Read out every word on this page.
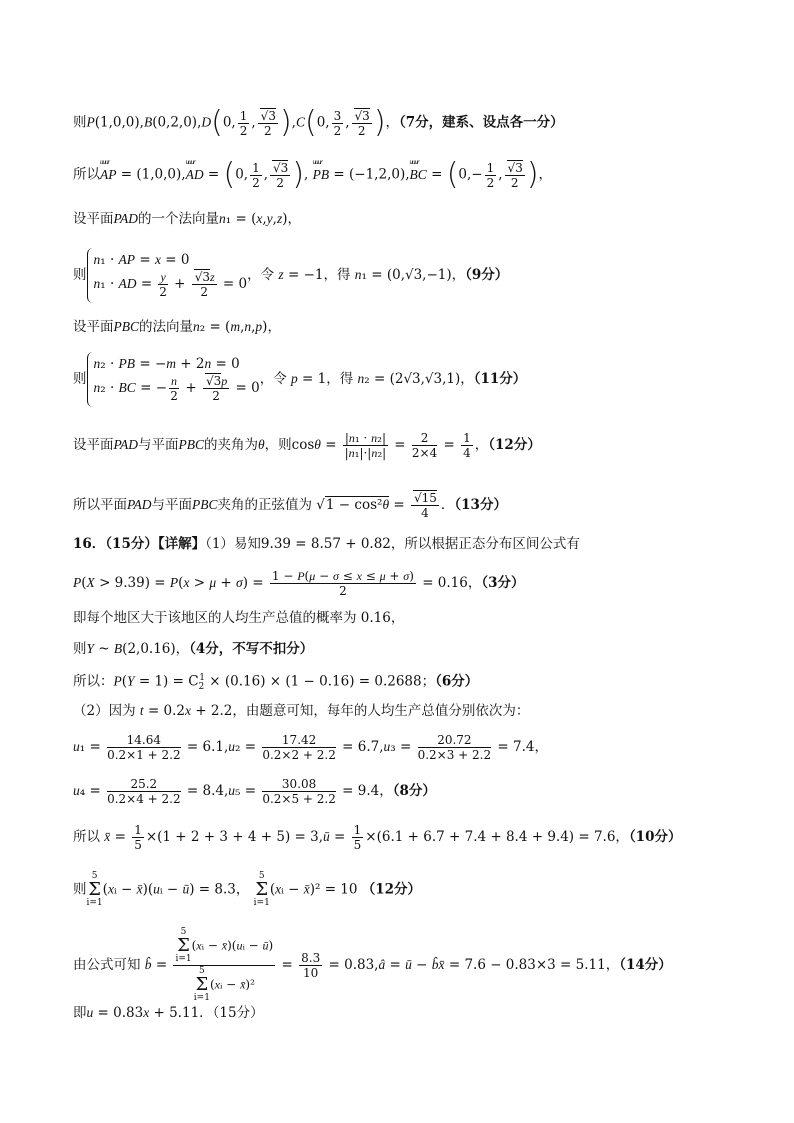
则P(1,0,0),B(0,2,0),D(0, $\frac{1}{2}$ , $\frac{√3}{2} ),C(0$, $\frac{3}{2}$ , $\frac{√3}{2}$ )，（7分，建系、设点各一分）
所以uuur AP = (1,0,0),uuur AD = (0, $\frac{1}{2}$ , $\frac{√3}{2}$ ), uuur PB = (−1,2,0),uuur BC = ($0,- \frac{1}{2}$ , $\frac{√3}{2}$ )，
设平面PAD的一个法向量n₁ = (x,y,z)，
则
n₁ · AP = x = 0
n₁ · AD = $\frac{y}{2} + \frac{√3z}{2} = 0$
，令 z = −1，得 n₁ = (0,√3,−1)，（9分）
设平面PBC的法向量n₂ = (m,n,p)，
则
n₂ · PB = −m + 2n = 0
n₂ · BC = − $\frac{n}{2} + \frac{√3p}{2} = 0$
，令 p = 1，得 n₂ = (2√3,√3,1)，（11分）
设平面PAD与平面PBC的夹角为θ，则$\cos\theta = \frac{\text{|n₁ · n₂|}}{\text{|n₁|·|n₂|}} = \frac{2}{2\times 4} = \frac{1}{4}$ ，（12分）
所以平面PAD与平面PBC夹角的正弦值为 $√1 - \cos^2\theta = \frac{√15}{4}$ ．（13分）
16．（15分）【详解】（1）易知9.39 = 8.57 + 0.82，所以根据正态分布区间公式有
$P(X > 9.39) = P(x > \mu + \sigma) = \frac{1 - P(\mu - \sigma \le x \le \mu + \sigma)}{2} = 0.16$，（3分）
即每个地区大于该地区的人均生产总值的概率为 0.16，
则Y ~ B(2,0.16)，（4分，不写不扣分）
所以：$P(Y = 1) = C_2^1 \times (0.16) \times (1 - 0.16) = 0.2688$；（6分）
（2）因为 t = 0.2x + 2.2，由题意可知，每年的人均生产总值分别依次为：
$u_1 = \frac{14.64}{0.2\times 1 + 2.2} = 6.1,u_2 = \frac{17.42}{0.2\times 2 + 2.2} = 6.7,u_3 = \frac{20.72}{0.2\times 3 + 2.2} = 7.4$，
$u_4 = \frac{25.2}{0.2\times 4 + 2.2} = 8.4,u_5 = \frac{30.08}{0.2\times 5 + 2.2} = 9.4$，（8分）
所以 x̄ = $\frac{1}{5} \times(1 + 2 + 3 + 4 + 5)$ = 3,ū = $\frac{1}{5} \times(6.1 + 6.7 + 7.4 + 8.4 + 9.4) = 7.6$，（10分）
则5
Σ
i=1(xᵢ − x̄)(uᵢ − ū) = 8.3， 5
Σ
i=1(xᵢ − x̄)² = 10 （12分）
由公式可知 b̂ = 5
Σ
i=1(xᵢ − x̄)(uᵢ − ū)
5
Σ
i=1(xᵢ − x̄)² = $\frac{8.3}{10}$ = 0.83,â = ū − b̂x̄ = 7.6 − 0.83×3 = 5.11，（14分）
即u = 0.83x + 5.11．（15分）
